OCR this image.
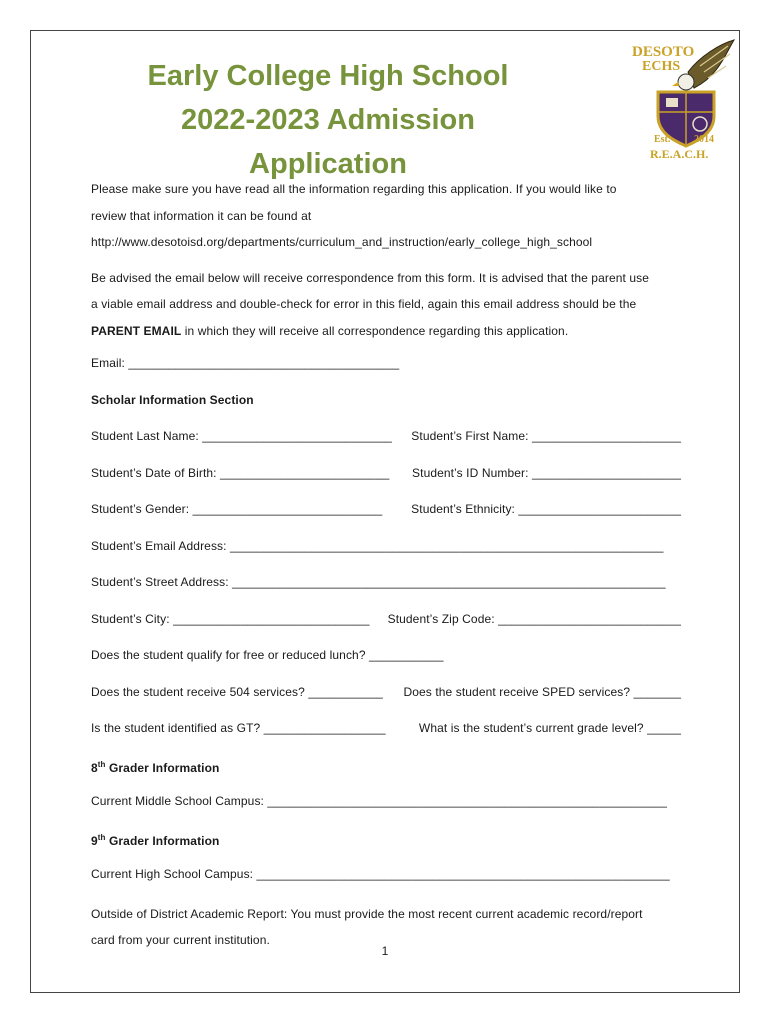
Early College High School
2022-2023 Admission Application
DESOTO
ECHS
Est. 2014
R.E.A.C.H.

Please make sure you have read all the information regarding this application. If you would like to

review that information it can be found at

http://www.desotoisd.org/departments/curriculum_and_instruction/early_college_high_school

Be advised the email below will receive correspondence from this form. It is advised that the parent use

a viable email address and double-check for error in this field, again this email address should be the

PARENT EMAIL in which they will receive all correspondence regarding this application.

Email: ________________________________________
Scholar Information Section
Student Last Name: ____________________________ Student’s First Name: ______________________
Student’s Date of Birth: _________________________ Student’s ID Number: ______________________
Student’s Gender: ____________________________ Student’s Ethnicity: ________________________
Student’s Email Address: ________________________________________________________________
Student’s Street Address: ________________________________________________________________
Student’s City: _____________________________ Student’s Zip Code: ___________________________
Does the student qualify for free or reduced lunch? ___________
Does the student receive 504 services? ___________ Does the student receive SPED services? _______
Is the student identified as GT? __________________	What is the student’s current grade level? _____
8th Grader Information
Current Middle School Campus: ___________________________________________________________
9th Grader Information
Current High School Campus: _____________________________________________________________

Outside of District Academic Report: You must provide the most recent current academic record/report

card from your current institution.

1
